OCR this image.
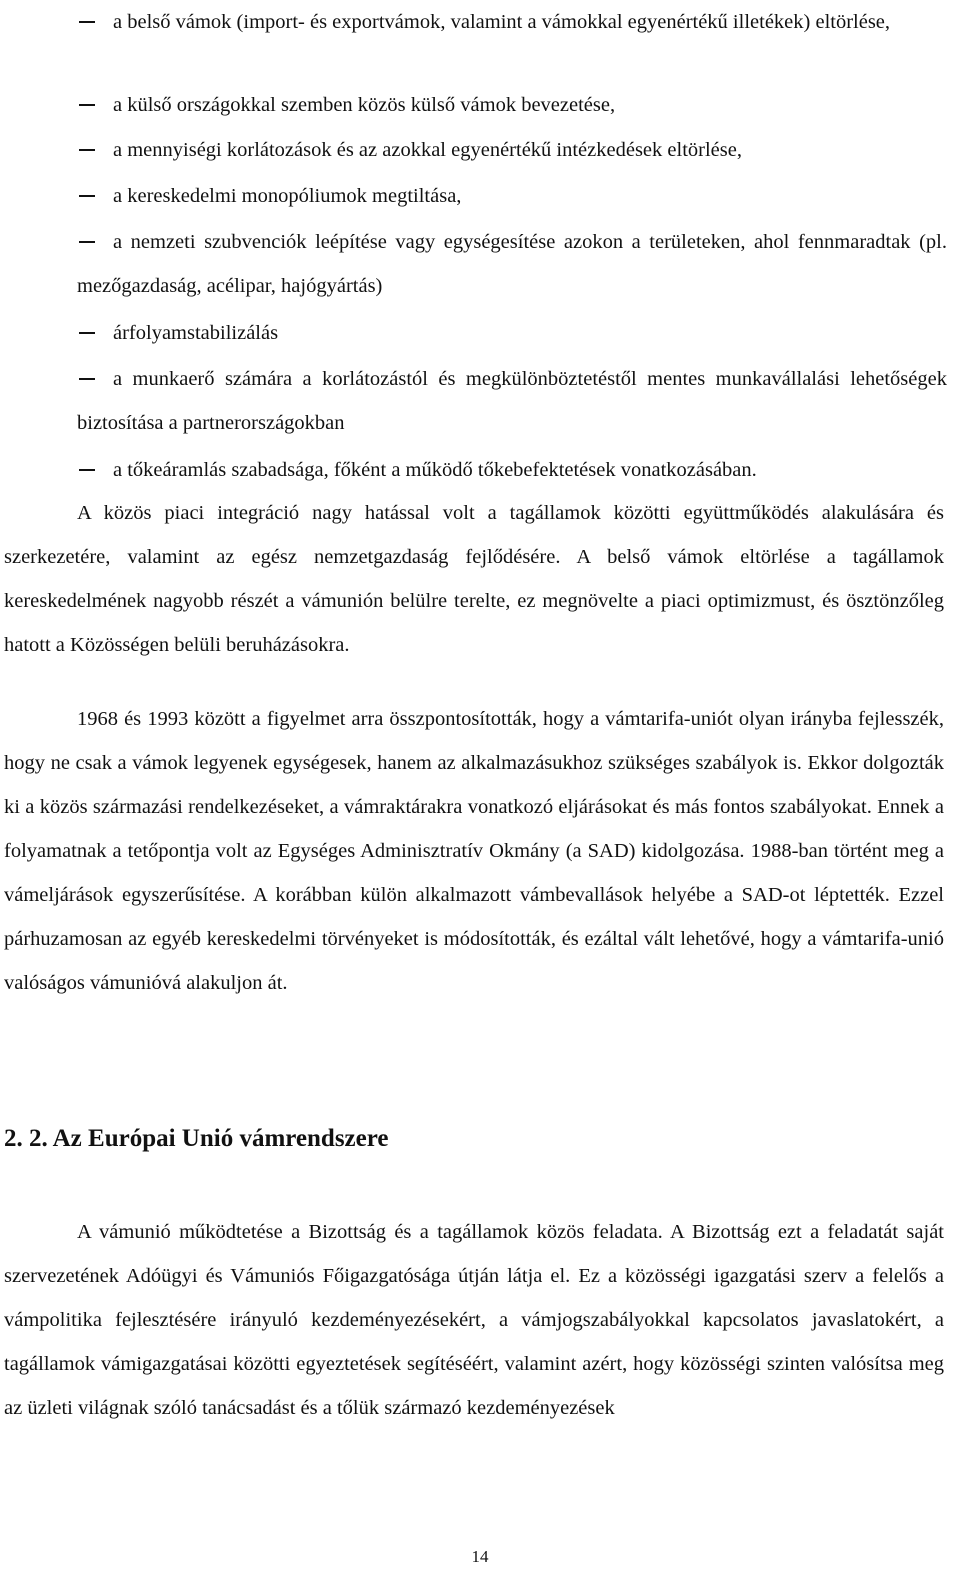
a belső vámok (import- és exportvámok, valamint a vámokkal egyenértékű illetékek) eltörlése,
a külső országokkal szemben közös külső vámok bevezetése,
a mennyiségi korlátozások és az azokkal egyenértékű intézkedések eltörlése,
a kereskedelmi monopóliumok megtiltása,
a nemzeti szubvenciók leépítése vagy egységesítése azokon a területeken, ahol fennmaradtak (pl. mezőgazdaság, acélipar, hajógyártás)
árfolyamstabilizálás
a munkaerő számára a korlátozástól és megkülönböztetéstől mentes munkavállalási lehetőségek biztosítása a partnerországokban
a tőkeáramlás szabadsága, főként a működő tőkebefektetések vonatkozásában.

A közös piaci integráció nagy hatással volt a tagállamok közötti együttműködés alakulására és szerkezetére, valamint az egész nemzetgazdaság fejlődésére. A belső vámok eltörlése a tagállamok kereskedelmének nagyobb részét a vámunión belülre terelte, ez megnövelte a piaci optimizmust, és ösztönzőleg hatott a Közösségen belüli beruházásokra.

1968 és 1993 között a figyelmet arra összpontosították, hogy a vámtarifa-uniót olyan irányba fejlesszék, hogy ne csak a vámok legyenek egységesek, hanem az alkalmazásukhoz szükséges szabályok is. Ekkor dolgozták ki a közös származási rendelkezéseket, a vámraktárakra vonatkozó eljárásokat és más fontos szabályokat. Ennek a folyamatnak a tetőpontja volt az Egységes Adminisztratív Okmány (a SAD) kidolgozása. 1988-ban történt meg a vámeljárások egyszerűsítése. A korábban külön alkalmazott vámbevallások helyébe a SAD-ot léptették. Ezzel párhuzamosan az egyéb kereskedelmi törvényeket is módosították, és ezáltal vált lehetővé, hogy a vámtarifa-unió valóságos vámunióvá alakuljon át.

2. 2. Az Európai Unió vámrendszere

A vámunió működtetése a Bizottság és a tagállamok közös feladata. A Bizottság ezt a feladatát saját szervezetének Adóügyi és Vámuniós Főigazgatósága útján látja el. Ez a közösségi igazgatási szerv a felelős a vámpolitika fejlesztésére irányuló kezdeményezésekért, a vámjogszabályokkal kapcsolatos javaslatokért, a tagállamok vámigazgatásai közötti egyeztetések segítéséért, valamint azért, hogy közösségi szinten valósítsa meg az üzleti világnak szóló tanácsadást és a tőlük származó kezdeményezések

14
